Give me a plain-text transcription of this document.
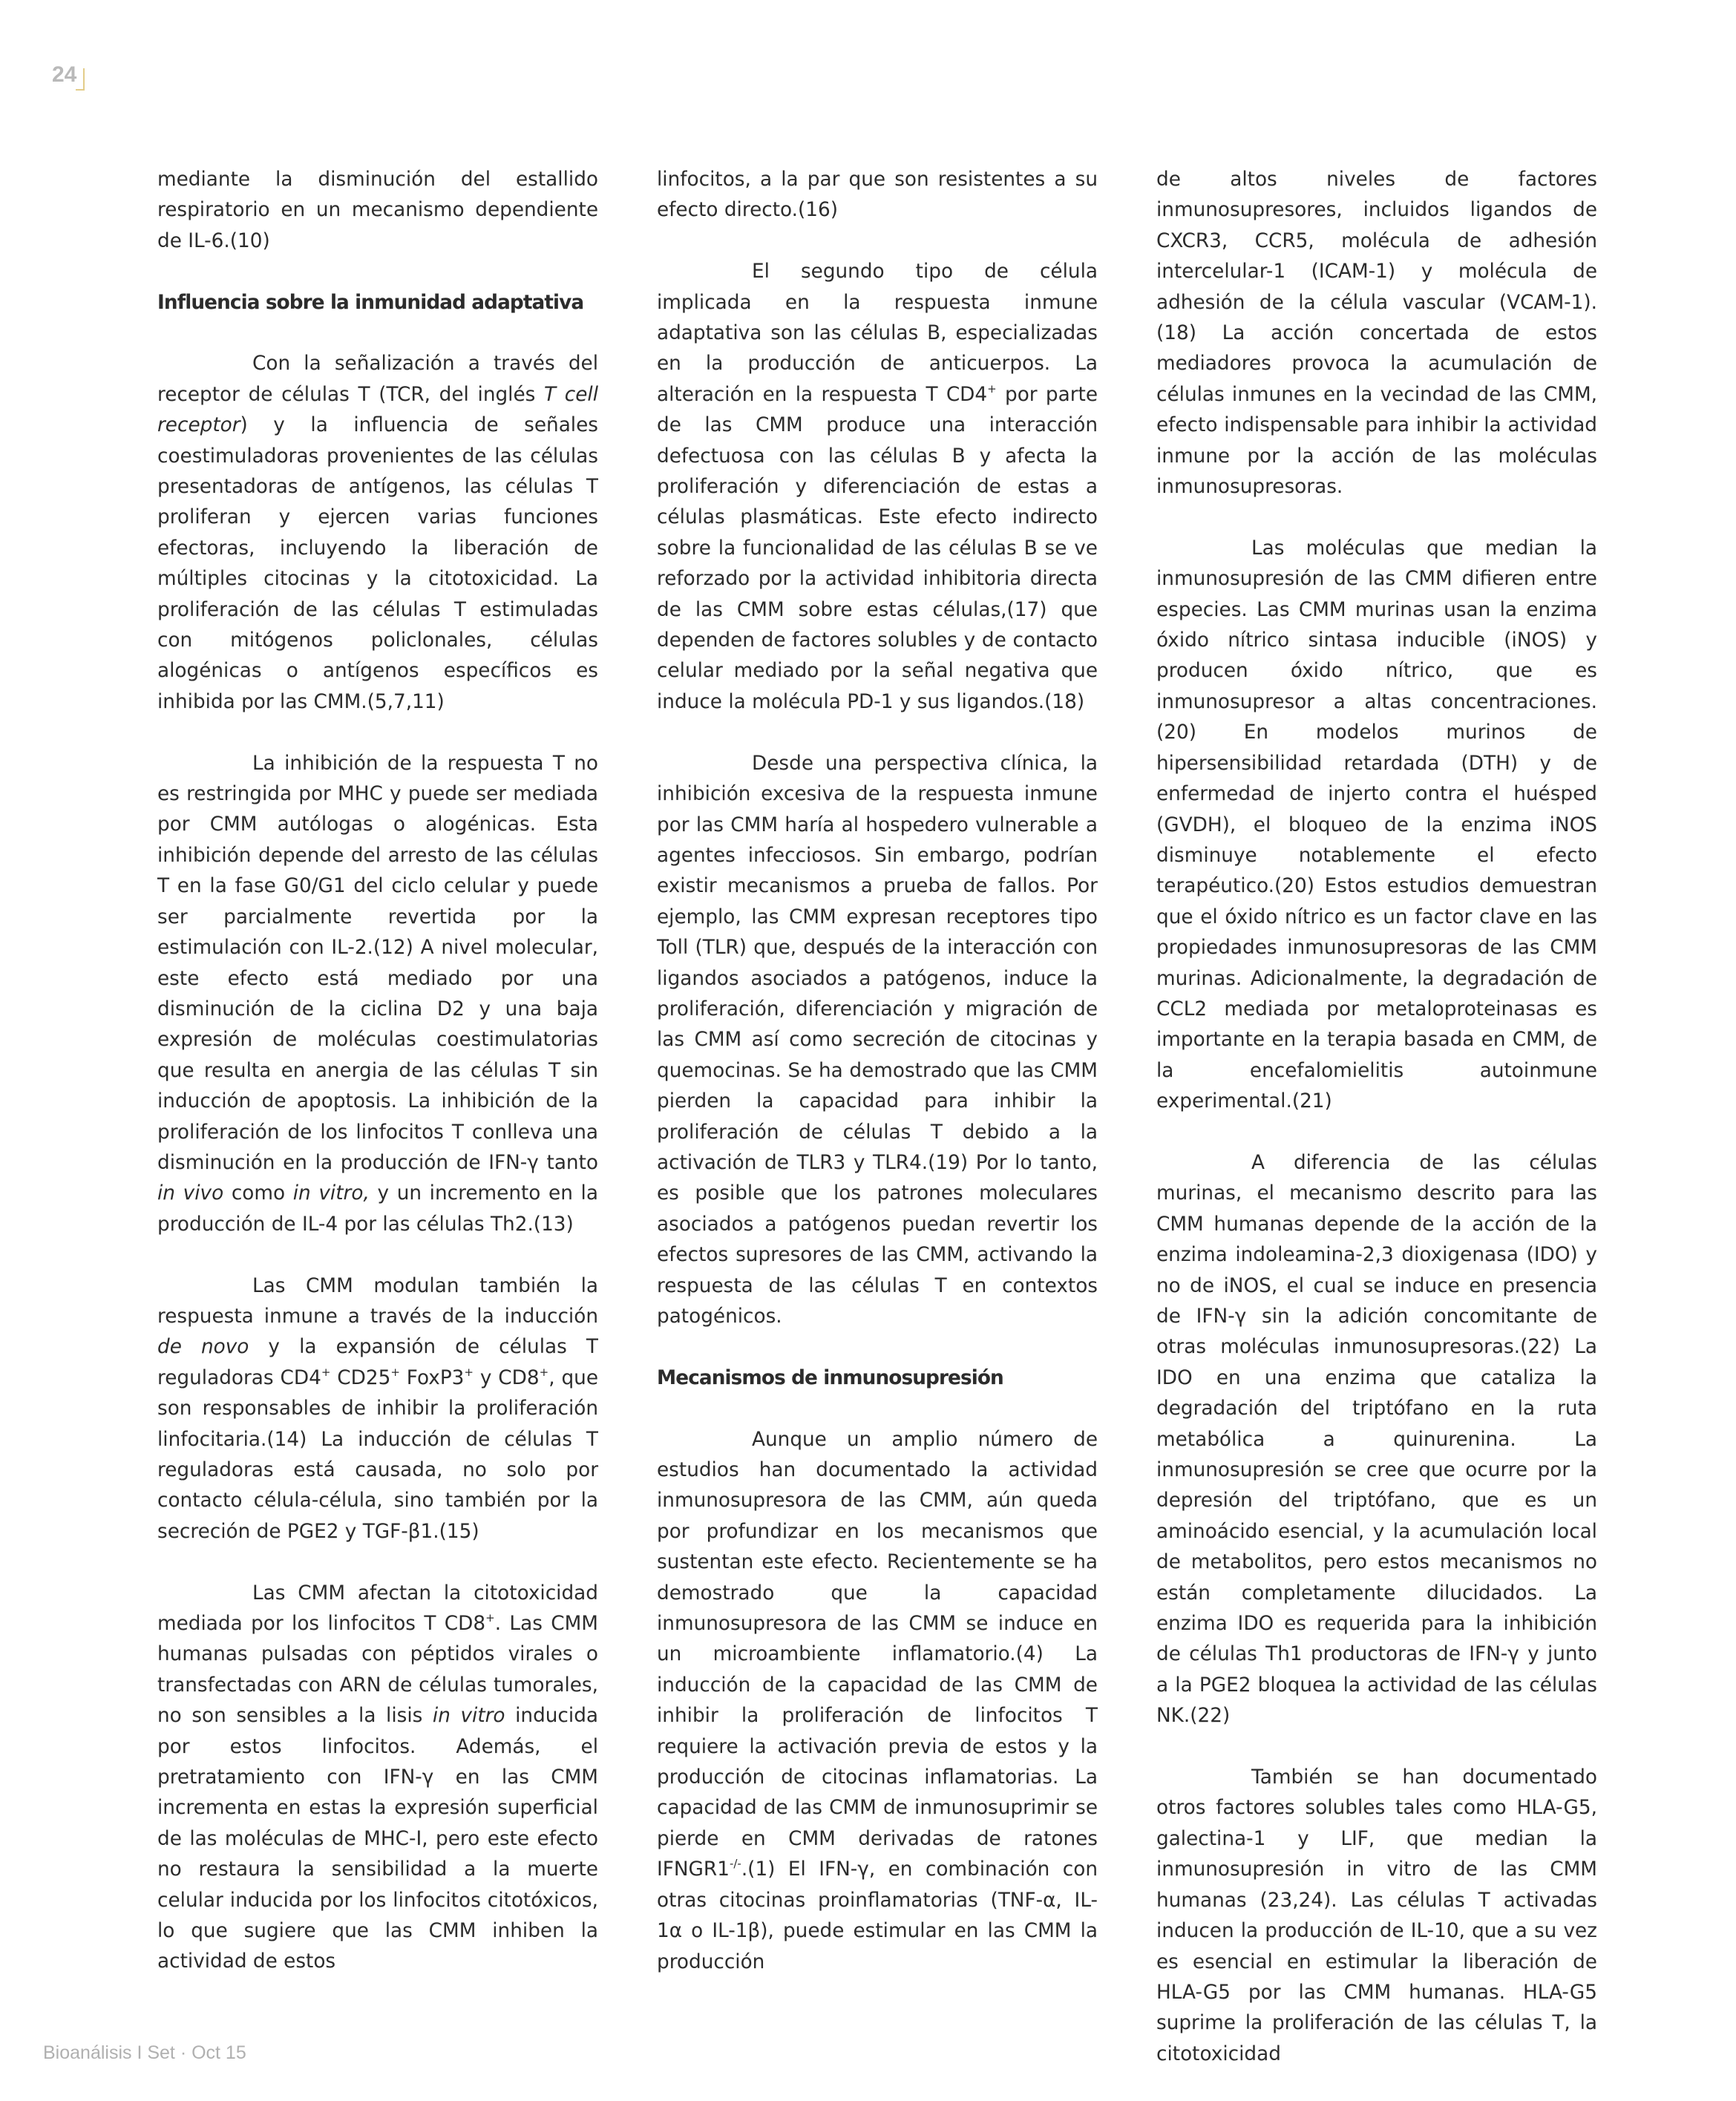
24

mediante la disminución del estallido respiratorio en un mecanismo dependiente de IL-6.(10)

Influencia sobre la inmunidad adaptativa

Con la señalización a través del receptor de células T (TCR, del inglés T cell receptor) y la influencia de señales coestimuladoras provenientes de las células presentadoras de antígenos, las células T proliferan y ejercen varias funciones efectoras, incluyendo la liberación de múltiples citocinas y la citotoxicidad. La proliferación de las células T estimuladas con mitógenos policlonales, células alogénicas o antígenos específicos es inhibida por las CMM.(5,7,11)

La inhibición de la respuesta T no es restringida por MHC y puede ser mediada por CMM autólogas o alogénicas. Esta inhibición depende del arresto de las células T en la fase G0/G1 del ciclo celular y puede ser parcialmente revertida por la estimulación con IL-2.(12) A nivel molecular, este efecto está mediado por una disminución de la ciclina D2 y una baja expresión de moléculas coestimulatorias que resulta en anergia de las células T sin inducción de apoptosis. La inhibición de la proliferación de los linfocitos T conlleva una disminución en la producción de IFN-γ tanto in vivo como in vitro, y un incremento en la producción de IL-4 por las células Th2.(13)

Las CMM modulan también la respuesta inmune a través de la inducción de novo y la expansión de células T reguladoras CD4+ CD25+ FoxP3+ y CD8+, que son responsables de inhibir la proliferación linfocitaria.(14) La inducción de células T reguladoras está causada, no solo por contacto célula-célula, sino también por la secreción de PGE2 y TGF-β1.(15)

Las CMM afectan la citotoxicidad mediada por los linfocitos T CD8+. Las CMM humanas pulsadas con péptidos virales o transfectadas con ARN de células tumorales, no son sensibles a la lisis in vitro inducida por estos linfocitos. Además, el pretratamiento con IFN-γ en las CMM incrementa en estas la expresión superficial de las moléculas de MHC-I, pero este efecto no restaura la sensibilidad a la muerte celular inducida por los linfocitos citotóxicos, lo que sugiere que las CMM inhiben la actividad de estos

linfocitos, a la par que son resistentes a su efecto directo.(16)

El segundo tipo de célula implicada en la respuesta inmune adaptativa son las células B, especializadas en la producción de anticuerpos. La alteración en la respuesta T CD4+ por parte de las CMM produce una interacción defectuosa con las células B y afecta la proliferación y diferenciación de estas a células plasmáticas. Este efecto indirecto sobre la funcionalidad de las células B se ve reforzado por la actividad inhibitoria directa de las CMM sobre estas células,(17) que dependen de factores solubles y de contacto celular mediado por la señal negativa que induce la molécula PD-1 y sus ligandos.(18)

Desde una perspectiva clínica, la inhibición excesiva de la respuesta inmune por las CMM haría al hospedero vulnerable a agentes infecciosos. Sin embargo, podrían existir mecanismos a prueba de fallos. Por ejemplo, las CMM expresan receptores tipo Toll (TLR) que, después de la interacción con ligandos asociados a patógenos, induce la proliferación, diferenciación y migración de las CMM así como secreción de citocinas y quemocinas. Se ha demostrado que las CMM pierden la capacidad para inhibir la proliferación de células T debido a la activación de TLR3 y TLR4.(19) Por lo tanto, es posible que los patrones moleculares asociados a patógenos puedan revertir los efectos supresores de las CMM, activando la respuesta de las células T en contextos patogénicos.

Mecanismos de inmunosupresión

Aunque un amplio número de estudios han documentado la actividad inmunosupresora de las CMM, aún queda por profundizar en los mecanismos que sustentan este efecto. Recientemente se ha demostrado que la capacidad inmunosupresora de las CMM se induce en un microambiente inflamatorio.(4) La inducción de la capacidad de las CMM de inhibir la proliferación de linfocitos T requiere la activación previa de estos y la producción de citocinas inflamatorias. La capacidad de las CMM de inmunosuprimir se pierde en CMM derivadas de ratones IFNGR1-/-.(1) El IFN-γ, en combinación con otras citocinas proinflamatorias (TNF-α, IL-1α o IL-1β), puede estimular en las CMM la producción

de altos niveles de factores inmunosupresores, incluidos ligandos de CXCR3, CCR5, molécula de adhesión intercelular-1 (ICAM-1) y molécula de adhesión de la célula vascular (VCAM-1). (18) La acción concertada de estos mediadores provoca la acumulación de células inmunes en la vecindad de las CMM, efecto indispensable para inhibir la actividad inmune por la acción de las moléculas inmunosupresoras.

Las moléculas que median la inmunosupresión de las CMM difieren entre especies. Las CMM murinas usan la enzima óxido nítrico sintasa inducible (iNOS) y producen óxido nítrico, que es inmunosupresor a altas concentraciones.(20) En modelos murinos de hipersensibilidad retardada (DTH) y de enfermedad de injerto contra el huésped (GVDH), el bloqueo de la enzima iNOS disminuye notablemente el efecto terapéutico.(20) Estos estudios demuestran que el óxido nítrico es un factor clave en las propiedades inmunosupresoras de las CMM murinas. Adicionalmente, la degradación de CCL2 mediada por metaloproteinasas es importante en la terapia basada en CMM, de la encefalomielitis autoinmune experimental.(21)

A diferencia de las células murinas, el mecanismo descrito para las CMM humanas depende de la acción de la enzima indoleamina-2,3 dioxigenasa (IDO) y no de iNOS, el cual se induce en presencia de IFN-γ sin la adición concomitante de otras moléculas inmunosupresoras.(22) La IDO en una enzima que cataliza la degradación del triptófano en la ruta metabólica a quinurenina. La inmunosupresión se cree que ocurre por la depresión del triptófano, que es un aminoácido esencial, y la acumulación local de metabolitos, pero estos mecanismos no están completamente dilucidados. La enzima IDO es requerida para la inhibición de células Th1 productoras de IFN-γ y junto a la PGE2 bloquea la actividad de las células NK.(22)

También se han documentado otros factores solubles tales como HLA-G5, galectina-1 y LIF, que median la inmunosupresión in vitro de las CMM humanas (23,24). Las células T activadas inducen la producción de IL-10, que a su vez es esencial en estimular la liberación de HLA-G5 por las CMM humanas. HLA-G5 suprime la proliferación de las células T, la citotoxicidad

Bioanálisis I Set · Oct 15
